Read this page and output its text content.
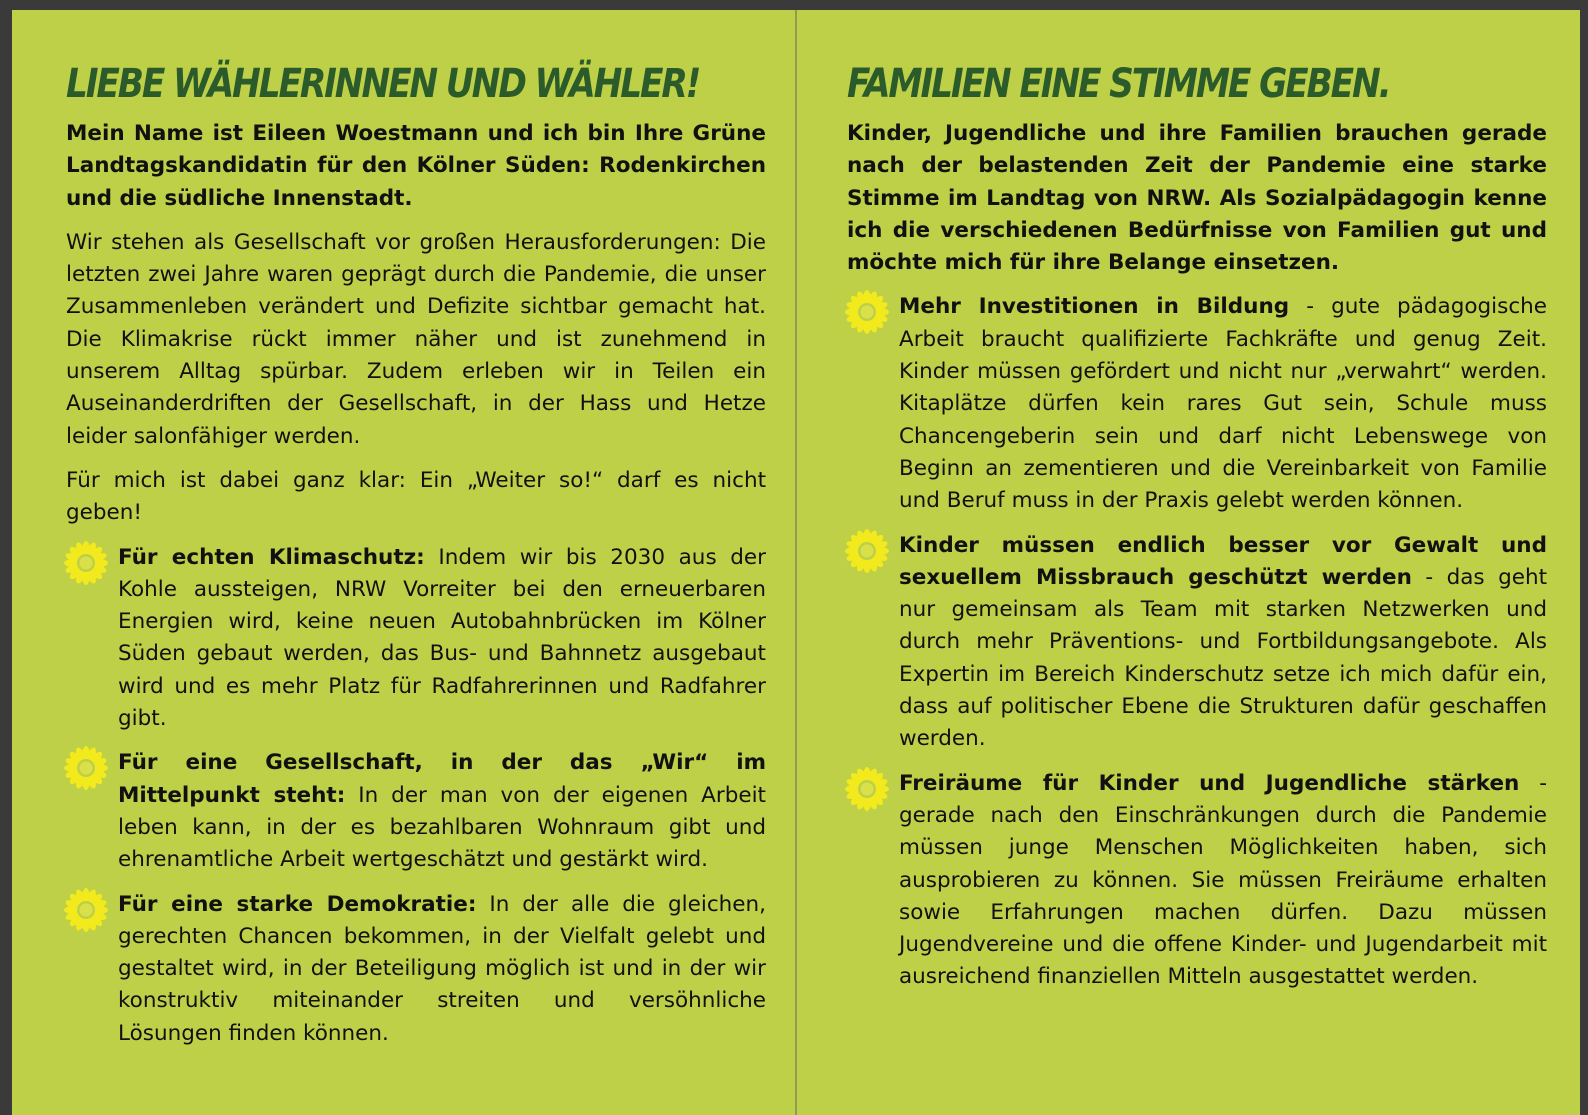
LIEBE WÄHLERINNEN UND WÄHLER!

Mein Name ist Eileen Woestmann und ich bin Ihre Grüne Landtagskandidatin für den Kölner Süden: Rodenkirchen und die südliche Innenstadt.

Wir stehen als Gesellschaft vor großen Herausforderungen: Die letzten zwei Jahre waren geprägt durch die Pandemie, die unser Zusammenleben verändert und Defizite sichtbar gemacht hat. Die Klimakrise rückt immer näher und ist zunehmend in unserem Alltag spürbar. Zudem erleben wir in Teilen ein Auseinanderdriften der Gesellschaft, in der Hass und Hetze leider salonfähiger werden.

Für mich ist dabei ganz klar: Ein „Weiter so!“ darf es nicht geben!

Für echten Klimaschutz: Indem wir bis 2030 aus der Kohle aussteigen, NRW Vorreiter bei den erneuerbaren Energien wird, keine neuen Autobahnbrücken im Kölner Süden gebaut werden, das Bus- und Bahnnetz ausgebaut wird und es mehr Platz für Radfahrerinnen und Radfahrer gibt.
Für eine Gesellschaft, in der das „Wir“ im Mittelpunkt steht: In der man von der eigenen Arbeit leben kann, in der es bezahlbaren Wohnraum gibt und ehrenamtliche Arbeit wertgeschätzt und gestärkt wird.
Für eine starke Demokratie: In der alle die gleichen, gerechten Chancen bekommen, in der Vielfalt gelebt und gestaltet wird, in der Beteiligung möglich ist und in der wir konstruktiv miteinander streiten und versöhnliche Lösungen finden können.
FAMILIEN EINE STIMME GEBEN.

Kinder, Jugendliche und ihre Familien brauchen gerade nach der belastenden Zeit der Pandemie eine starke Stimme im Landtag von NRW. Als Sozialpädagogin kenne ich die verschiedenen Bedürfnisse von Familien gut und möchte mich für ihre Belange einsetzen.

Mehr Investitionen in Bildung - gute pädagogische Arbeit braucht qualifizierte Fachkräfte und genug Zeit. Kinder müssen gefördert und nicht nur „verwahrt“ werden. Kitaplätze dürfen kein rares Gut sein, Schule muss Chancengeberin sein und darf nicht Lebenswege von Beginn an zementieren und die Vereinbarkeit von Familie und Beruf muss in der Praxis gelebt werden können.
Kinder müssen endlich besser vor Gewalt und sexuellem Missbrauch geschützt werden - das geht nur gemeinsam als Team mit starken Netzwerken und durch mehr Präventions- und Fortbildungsangebote. Als Expertin im Bereich Kinderschutz setze ich mich dafür ein, dass auf politischer Ebene die Strukturen dafür geschaffen werden.
Freiräume für Kinder und Jugendliche stärken - gerade nach den Einschränkungen durch die Pandemie müssen junge Menschen Möglichkeiten haben, sich ausprobieren zu können. Sie müssen Freiräume erhalten sowie Erfahrungen machen dürfen. Dazu müssen Jugendvereine und die offene Kinder- und Jugendarbeit mit ausreichend finanziellen Mitteln ausgestattet werden.
